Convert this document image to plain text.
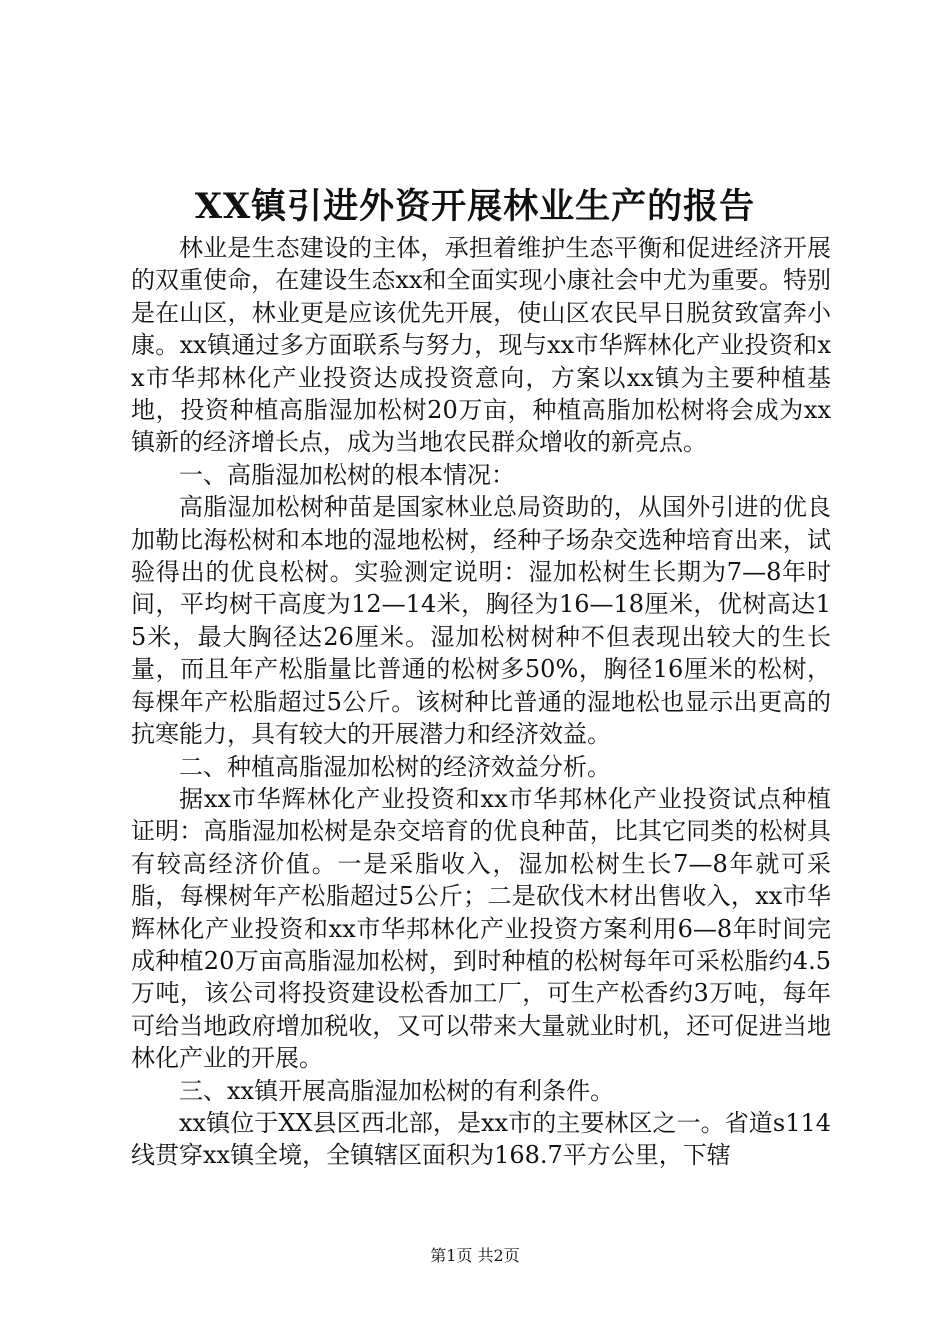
XX镇引进外资开展林业生产的报告

林业是生态建设的主体，承担着维护生态平衡和促进经济开展的双重使命，在建设生态xx和全面实现小康社会中尤为重要。特别是在山区，林业更是应该优先开展，使山区农民早日脱贫致富奔小康。xx镇通过多方面联系与努力，现与xx市华辉林化产业投资和xx市华邦林化产业投资达成投资意向，方案以xx镇为主要种植基地，投资种植高脂湿加松树20万亩，种植高脂加松树将会成为xx镇新的经济增长点，成为当地农民群众增收的新亮点。

一、高脂湿加松树的根本情况：

高脂湿加松树种苗是国家林业总局资助的，从国外引进的优良加勒比海松树和本地的湿地松树，经种子场杂交选种培育出来，试验得出的优良松树。实验测定说明：湿加松树生长期为7—8年时间，平均树干高度为12—14米，胸径为16—18厘米，优树高达15米，最大胸径达26厘米。湿加松树树种不但表现出较大的生长量，而且年产松脂量比普通的松树多50%，胸径16厘米的松树，每棵年产松脂超过5公斤。该树种比普通的湿地松也显示出更高的抗寒能力，具有较大的开展潜力和经济效益。

二、种植高脂湿加松树的经济效益分析。

据xx市华辉林化产业投资和xx市华邦林化产业投资试点种植证明：高脂湿加松树是杂交培育的优良种苗，比其它同类的松树具有较高经济价值。一是采脂收入，湿加松树生长7—8年就可采脂，每棵树年产松脂超过5公斤；二是砍伐木材出售收入，xx市华辉林化产业投资和xx市华邦林化产业投资方案利用6—8年时间完成种植20万亩高脂湿加松树，到时种植的松树每年可采松脂约4.5万吨，该公司将投资建设松香加工厂，可生产松香约3万吨，每年可给当地政府增加税收，又可以带来大量就业时机，还可促进当地林化产业的开展。

三、xx镇开展高脂湿加松树的有利条件。

xx镇位于XX县区西北部，是xx市的主要林区之一。省道s114线贯穿xx镇全境，全镇辖区面积为168.7平方公里，下辖

第1页 共2页
